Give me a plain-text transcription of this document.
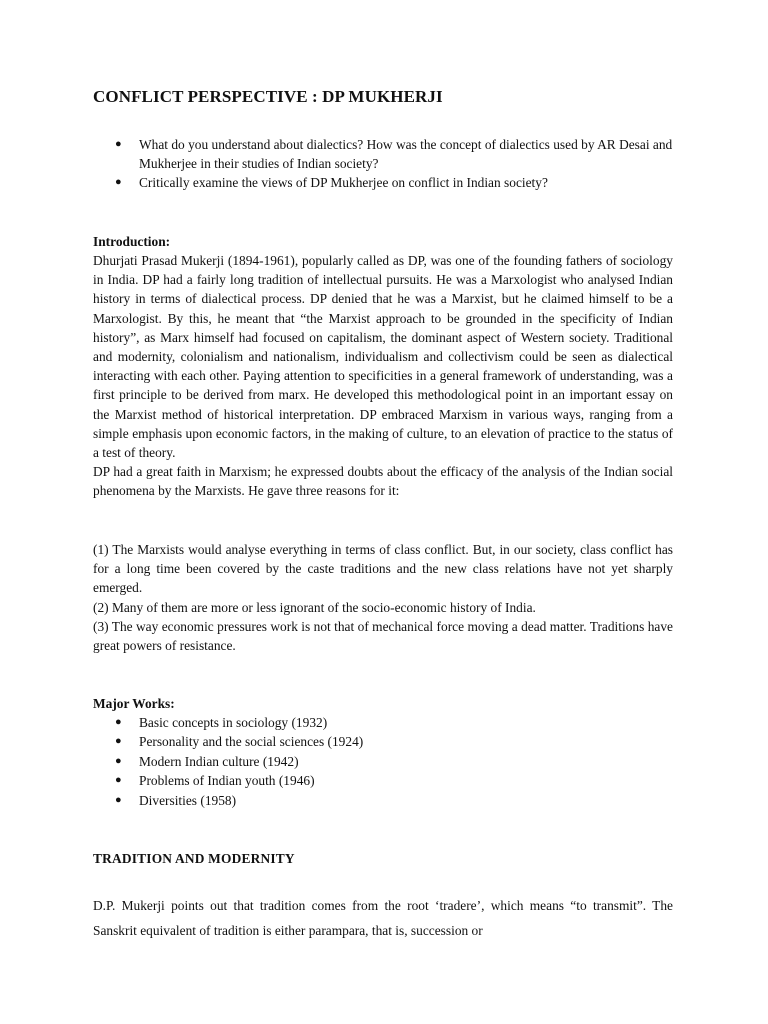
CONFLICT PERSPECTIVE : DP MUKHERJI
● What do you understand about dialectics? How was the concept of dialectics used by AR Desai and Mukherjee in their studies of Indian society?
● Critically examine the views of DP Mukherjee on conflict in Indian society?
Introduction:

Dhurjati Prasad Mukerji (1894-1961), popularly called as DP, was one of the founding fathers of sociology in India. DP had a fairly long tradition of intellectual pursuits. He was a Marxologist who analysed Indian history in terms of dialectical process. DP denied that he was a Marxist, but he claimed himself to be a Marxologist. By this, he meant that “the Marxist approach to be grounded in the specificity of Indian history”, as Marx himself had focused on capitalism, the dominant aspect of Western society. Traditional and modernity, colonialism and nationalism, individualism and collectivism could be seen as dialectical interacting with each other. Paying attention to specificities in a general framework of understanding, was a first principle to be derived from marx. He developed this methodological point in an important essay on the Marxist method of historical interpretation. DP embraced Marxism in various ways, ranging from a simple emphasis upon economic factors, in the making of culture, to an elevation of practice to the status of a test of theory.

DP had a great faith in Marxism; he expressed doubts about the efficacy of the analysis of the Indian social phenomena by the Marxists. He gave three reasons for it:

(1) The Marxists would analyse everything in terms of class conflict. But, in our society, class conflict has for a long time been covered by the caste traditions and the new class relations have not yet sharply emerged.

(2) Many of them are more or less ignorant of the socio-economic history of India.

(3) The way economic pressures work is not that of mechanical force moving a dead matter. Traditions have great powers of resistance.

Major Works:
● Basic concepts in sociology (1932)
● Personality and the social sciences (1924)
● Modern Indian culture (1942)
● Problems of Indian youth (1946)
● Diversities (1958)
TRADITION AND MODERNITY

D.P. Mukerji points out that tradition comes from the root ‘tradere’, which means “to transmit”. The Sanskrit equivalent of tradition is either parampara, that is, succession or
